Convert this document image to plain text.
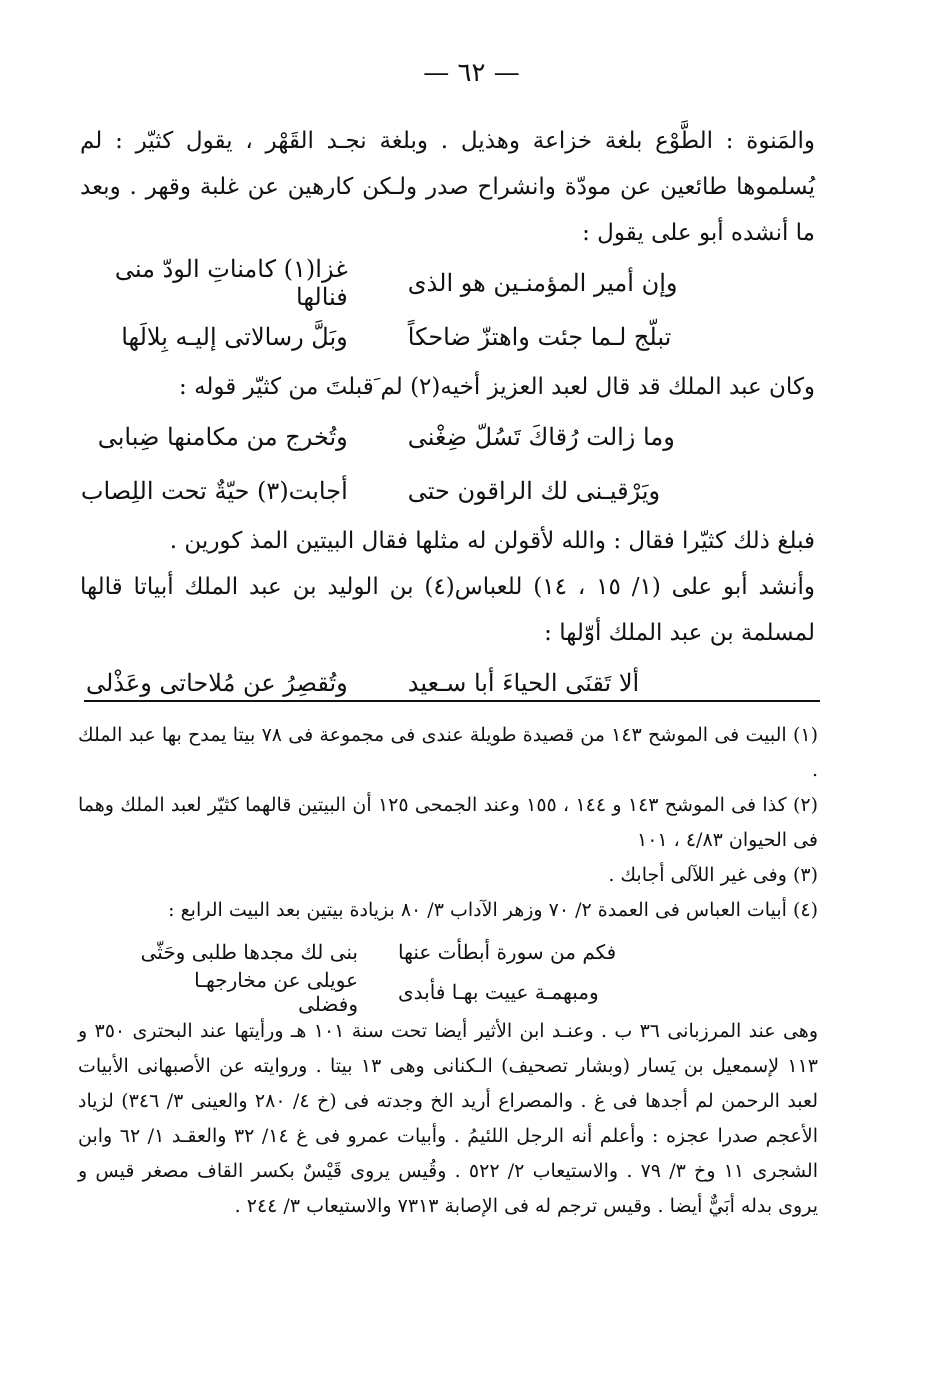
— ٦٢ —

والمَنوة : الطَّوْع بلغة خزاعة وهذيل . وبلغة نجـد القَهْر ، يقول كثيّر : لم يُسلموها طائعين عن مودّة وانشراح صدر ولـكن كارهين عن غلبة وقهر . وبعد ما أنشده أبو على يقول :

وإن أمير المؤمنـين هو الذى
غزا(١) كامناتِ الودّ منى فنالها
تبلّج لـما جئت واهتزّ ضاحكاً
وبَلَّ رسالاتى إليـه بِلالَها

وكان عبد الملك قد قال لعبد العزيز أخيه(٢) لم َقبلتَ من كثيّر قوله :

وما زالت رُقاكَ تَسُلّ ضِغْنى
وتُخرج من مكامنها ضِبابى
ويَرْقيـنى لك الراقون حتى
أجابت(٣) حيّةٌ تحت اللِصاب

فبلغ ذلك كثيّرا فقال : والله لأقولن له مثلها فقال البيتين المذ كورين .

وأنشد أبو على (١/ ١٥ ، ١٤) للعباس(٤) بن الوليد بن عبد الملك أبياتا قالها لمسلمة بن عبد الملك أوّلها :

ألا تَقنَى الحياءَ أبا سـعيد
وتُقصِرُ عن مُلاحاتى وعَذْلى

(١) البيت فى الموشح ١٤٣ من قصيدة طويلة عندى فى مجموعة فى ٧٨ بيتا يمدح بها عبد الملك .

(٢) كذا فى الموشح ١٤٣ و ١٤٤ ، ١٥٥ وعند الجمحى ١٢٥ أن البيتين قالهما كثيّر لعبد الملك وهما فى الحيوان ٤/٨٣ ، ١٠١

(٣) وفى غير اللآلى أجابك .

(٤) أبيات العباس فى العمدة ٢/ ٧٠ وزهر الآداب ٣/ ٨٠ بزيادة بيتين بعد البيت الرابع :

فكم من سورة أبطأت عنها
بنى لك مجدها طلبى وحَثّى
ومبهمـة عييت بهـا فأبدى
عويلى عن مخارجهـا وفضلى

وهى عند المرزبانى ٣٦ ب . وعنـد ابن الأثير أيضا تحت سنة ١٠١ هـ ورأيتها عند البحترى ٣٥٠ و ١١٣ لإسمعيل بن يَسار (وبشار تصحيف) الـكنانى وهى ١٣ بيتا . وروايته عن الأصبهانى الأبيات لعبد الرحمن لم أجدها فى غ . والمصراع أريد الخ وجدته فى (خ ٤/ ٢٨٠ والعينى ٣/ ٣٤٦) لزياد الأعجم صدرا عجزه : وأعلم أنه الرجل اللئيمُ . وأبيات عمرو فى غ ١٤/ ٣٢ والعقـد ١/ ٦٢ وابن الشجرى ١١ وخ ٣/ ٧٩ . والاستيعاب ٢/ ٥٢٢ . وقُيس يروى قَيْسٌ بكسر القاف مصغر قيس و يروى بدله أبَيٌّ أيضا . وقيس ترجم له فى الإصابة ٧٣١٣ والاستيعاب ٣/ ٢٤٤ .
